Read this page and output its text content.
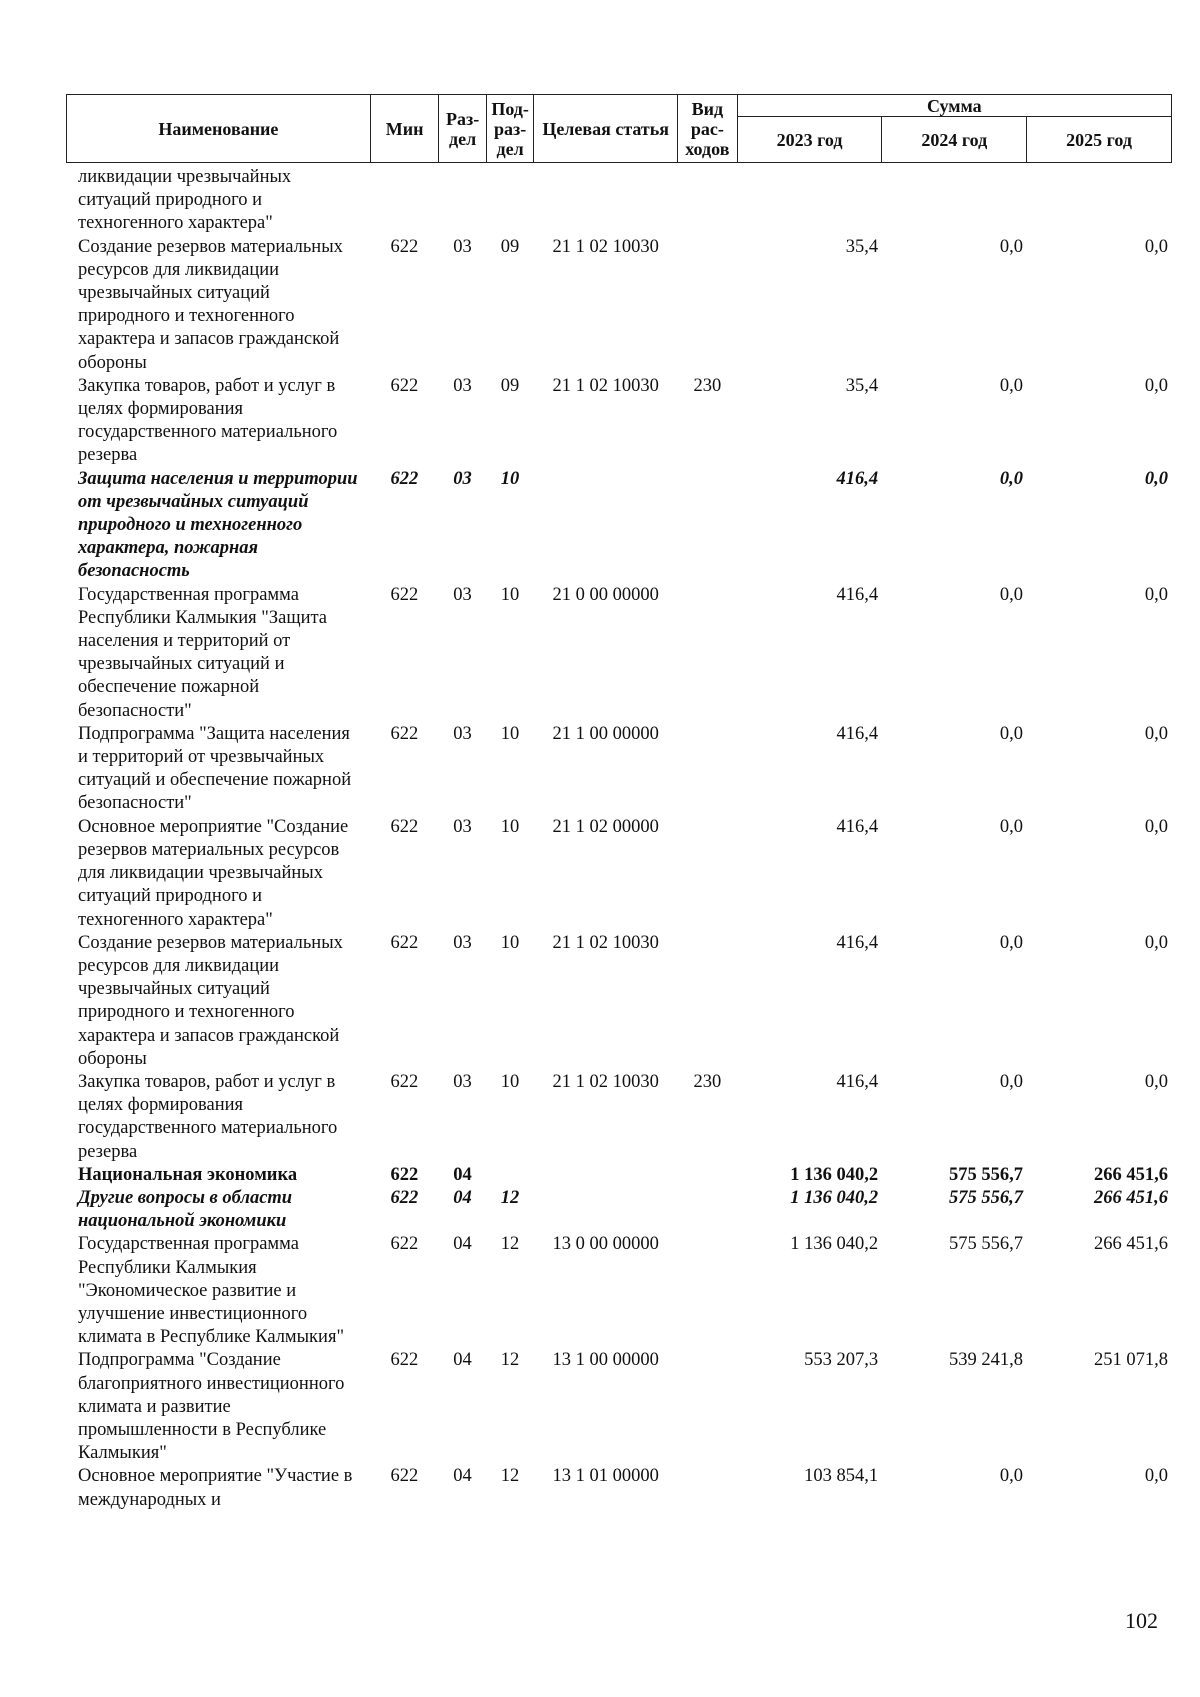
Наименование	Мин	Раз-дел	Под-раз-дел	Целевая статья	Вид рас-ходов	Сумма		
						2023 год	2024 год	2025 год
ликвидации чрезвычайных ситуаций природного и техногенного характера"								
Создание резервов материальных ресурсов для ликвидации чрезвычайных ситуаций природного и техногенного характера и запасов гражданской обороны	622	03	09	21 1 02 10030		35,4	0,0	0,0
Закупка товаров, работ и услуг в целях формирования государственного материального резерва	622	03	09	21 1 02 10030	230	35,4	0,0	0,0
Защита населения и территории от чрезвычайных ситуаций природного и техногенного характера, пожарная безопасность	622	03	10			416,4	0,0	0,0
Государственная программа Республики Калмыкия "Защита населения и территорий от чрезвычайных ситуаций и обеспечение пожарной безопасности"	622	03	10	21 0 00 00000		416,4	0,0	0,0
Подпрограмма "Защита населения и территорий от чрезвычайных ситуаций и обеспечение пожарной безопасности"	622	03	10	21 1 00 00000		416,4	0,0	0,0
Основное мероприятие "Создание резервов материальных ресурсов для ликвидации чрезвычайных ситуаций природного и техногенного характера"	622	03	10	21 1 02 00000		416,4	0,0	0,0
Создание резервов материальных ресурсов для ликвидации чрезвычайных ситуаций природного и техногенного характера и запасов гражданской обороны	622	03	10	21 1 02 10030		416,4	0,0	0,0
Закупка товаров, работ и услуг в целях формирования государственного материального резерва	622	03	10	21 1 02 10030	230	416,4	0,0	0,0
Национальная экономика	622	04				1 136 040,2	575 556,7	266 451,6
Другие вопросы в области национальной экономики	622	04	12			1 136 040,2	575 556,7	266 451,6
Государственная программа Республики Калмыкия "Экономическое развитие и улучшение инвестиционного климата в Республике Калмыкия"	622	04	12	13 0 00 00000		1 136 040,2	575 556,7	266 451,6
Подпрограмма "Создание благоприятного инвестиционного климата и развитие промышленности в Республике Калмыкия"	622	04	12	13 1 00 00000		553 207,3	539 241,8	251 071,8
Основное мероприятие "Участие в международных и	622	04	12	13 1 01 00000		103 854,1	0,0	0,0
102
